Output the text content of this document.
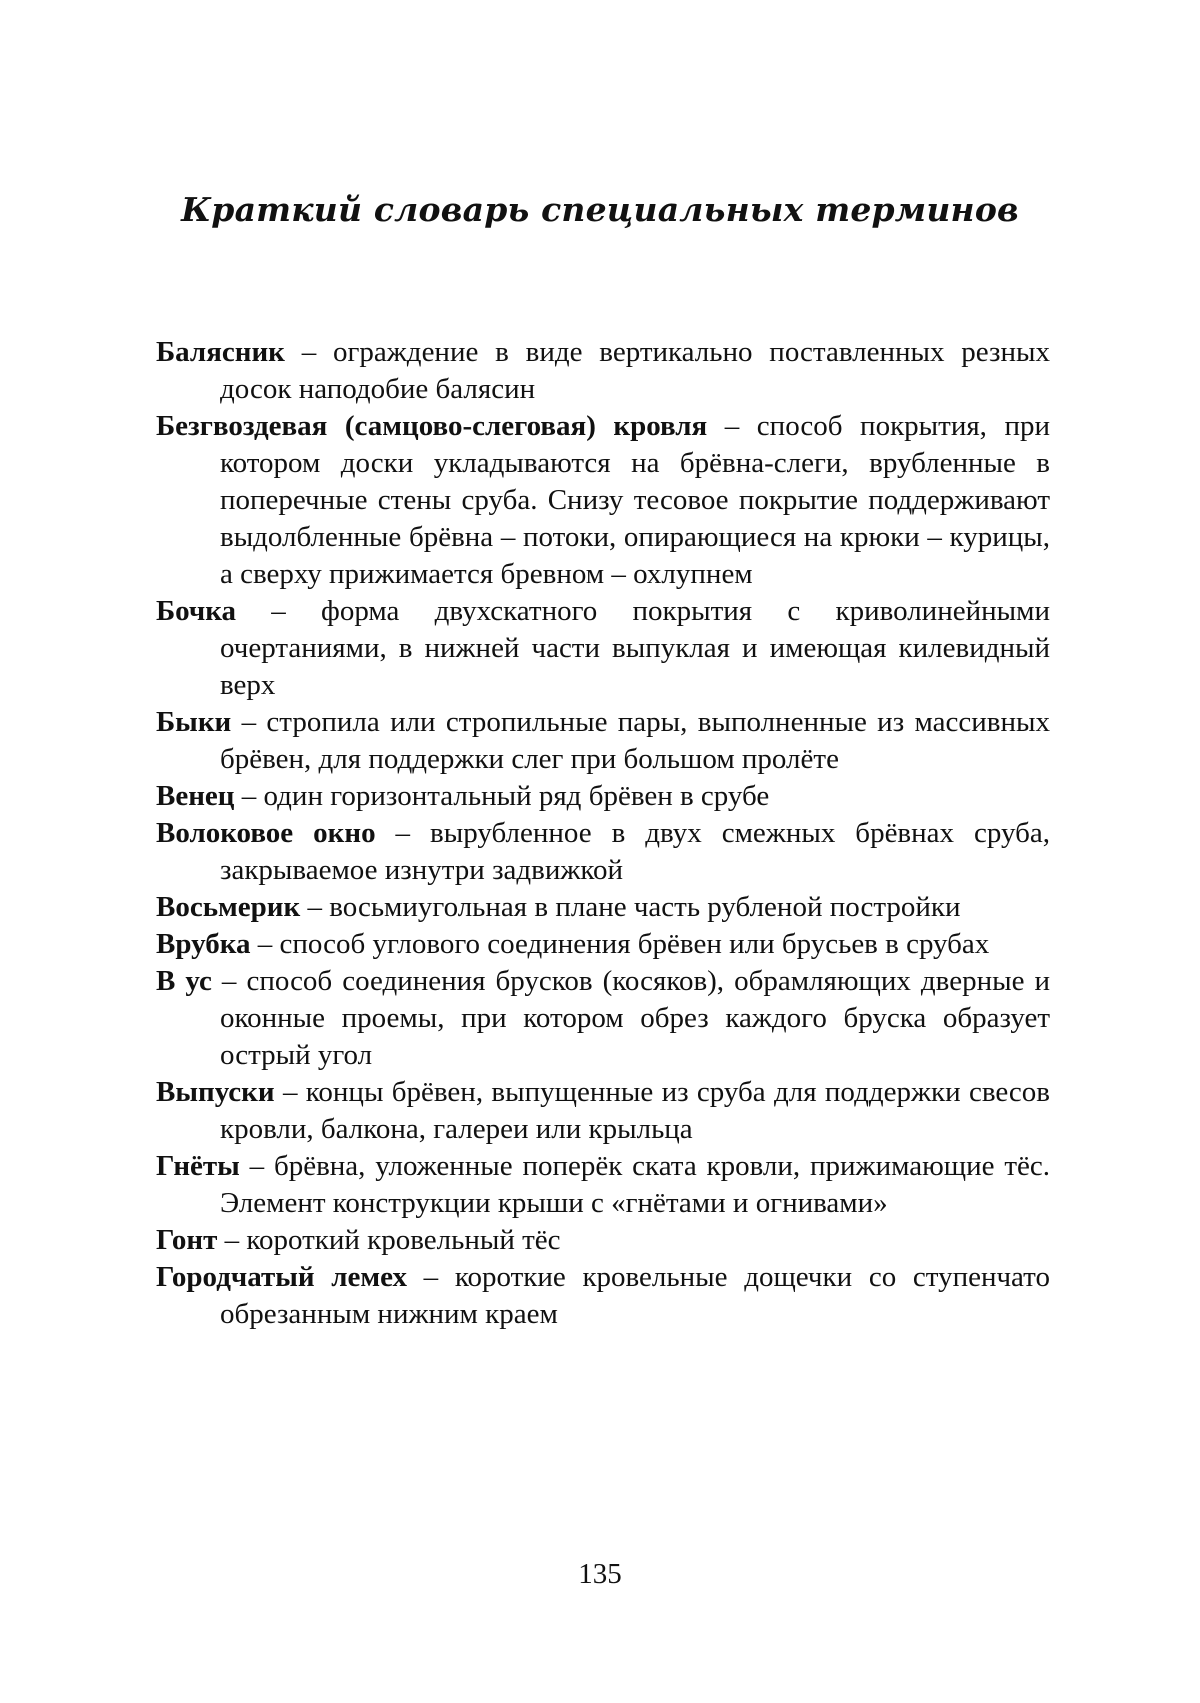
Краткий словарь специальных терминов
Балясник – ограждение в виде вертикально поставленных резных досок наподобие балясин
Безгвоздевая (самцово-слеговая) кровля – способ покрытия, при котором доски укладываются на брёвна-слеги, врубленные в поперечные стены сруба. Снизу тесовое покрытие поддерживают выдолбленные брёвна – потоки, опирающиеся на крюки – курицы, а сверху прижимается бревном – охлупнем
Бочка – форма двухскатного покрытия с криволинейными очертаниями, в нижней части выпуклая и имеющая килевидный верх
Быки – стропила или стропильные пары, выполненные из массивных брёвен, для поддержки слег при большом пролёте
Венец – один горизонтальный ряд брёвен в срубе
Волоковое окно – вырубленное в двух смежных брёвнах сруба, закрываемое изнутри задвижкой
Восьмерик – восьмиугольная в плане часть рубленой постройки
Врубка – способ углового соединения брёвен или брусьев в срубах
В ус – способ соединения брусков (косяков), обрамляющих дверные и оконные проемы, при котором обрез каждого бруска образует острый угол
Выпуски – концы брёвен, выпущенные из сруба для поддержки свесов кровли, балкона, галереи или крыльца
Гнёты – брёвна, уложенные поперёк ската кровли, прижимающие тёс. Элемент конструкции крыши с «гнётами и огнивами»
Гонт – короткий кровельный тёс
Городчатый лемех – короткие кровельные дощечки со ступенчато обрезанным нижним краем
135
